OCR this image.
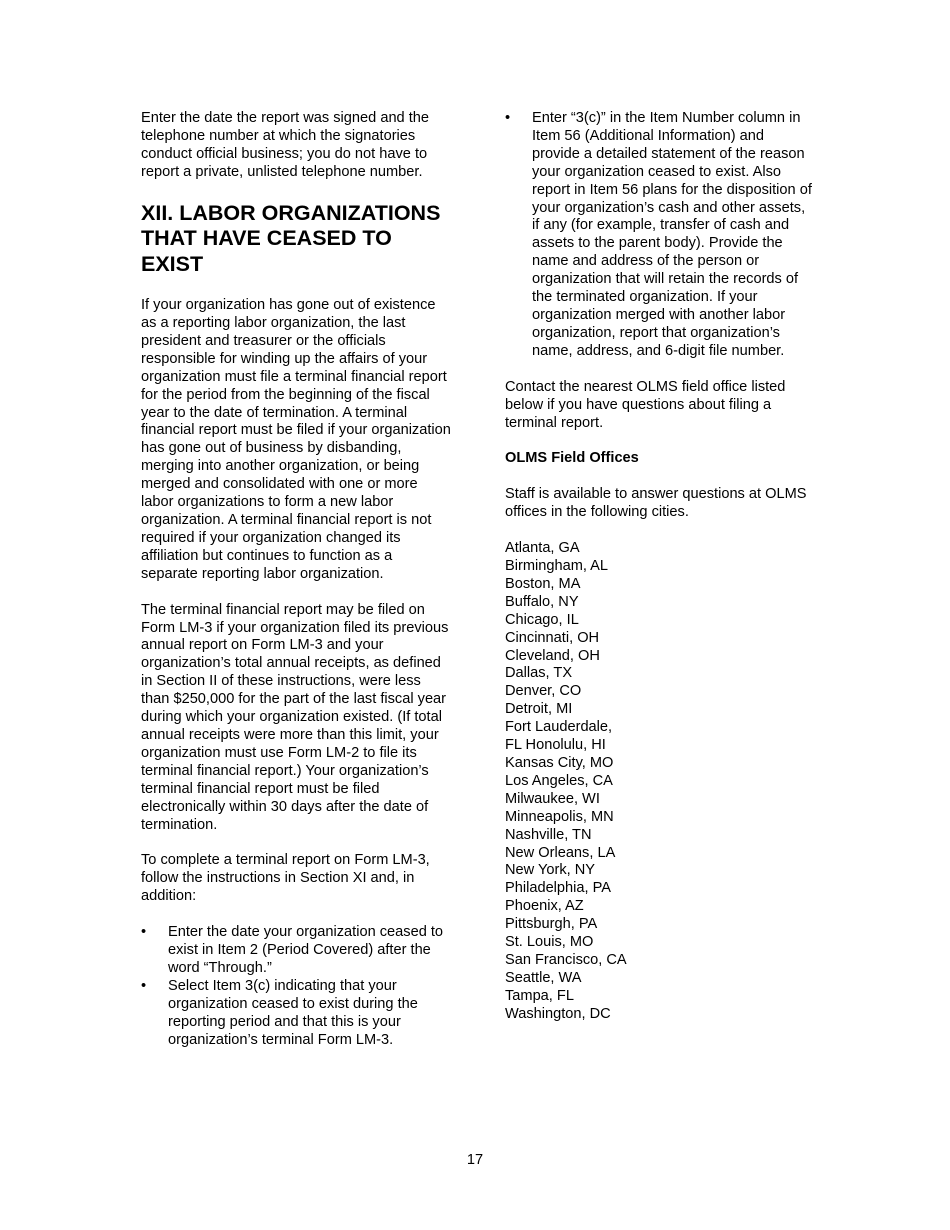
Enter the date the report was signed and the telephone number at which the signatories conduct official business; you do not have to report a private, unlisted telephone number.

XII. LABOR ORGANIZATIONS THAT HAVE CEASED TO EXIST

If your organization has gone out of existence as a reporting labor organization, the last president and treasurer or the officials responsible for winding up the affairs of your organization must file a terminal financial report for the period from the beginning of the fiscal year to the date of termination. A terminal financial report must be filed if your organization has gone out of business by disbanding, merging into another organization, or being merged and consolidated with one or more labor organizations to form a new labor organization. A terminal financial report is not required if your organization changed its affiliation but continues to function as a separate reporting labor organization.

The terminal financial report may be filed on Form LM-3 if your organization filed its previous annual report on Form LM-3 and your organization’s total annual receipts, as defined in Section II of these instructions, were less than $250,000 for the part of the last fiscal year during which your organization existed. (If total annual receipts were more than this limit, your organization must use Form LM-2 to file its terminal financial report.) Your organization’s terminal financial report must be filed electronically within 30 days after the date of termination.

To complete a terminal report on Form LM-3, follow the instructions in Section XI and, in addition:

• Enter the date your organization ceased to exist in Item 2 (Period Covered) after the word “Through.”
• Select Item 3(c) indicating that your organization ceased to exist during the reporting period and that this is your organization’s terminal Form LM-3.
• Enter “3(c)” in the Item Number column in Item 56 (Additional Information) and provide a detailed statement of the reason your organization ceased to exist. Also report in Item 56 plans for the disposition of your organization’s cash and other assets, if any (for example, transfer of cash and assets to the parent body). Provide the name and address of the person or organization that will retain the records of the terminated organization. If your organization merged with another labor organization, report that organization’s name, address, and 6-digit file number.

Contact the nearest OLMS field office listed below if you have questions about filing a terminal report.

OLMS Field Offices

Staff is available to answer questions at OLMS offices in the following cities.

Atlanta, GA
Birmingham, AL
Boston, MA
Buffalo, NY
Chicago, IL
Cincinnati, OH
Cleveland, OH
Dallas, TX
Denver, CO
Detroit, MI
Fort Lauderdale,
FL Honolulu, HI
Kansas City, MO
Los Angeles, CA
Milwaukee, WI
Minneapolis, MN
Nashville, TN
New Orleans, LA
New York, NY
Philadelphia, PA
Phoenix, AZ
Pittsburgh, PA
St. Louis, MO
San Francisco, CA
Seattle, WA
Tampa, FL
Washington, DC
17
